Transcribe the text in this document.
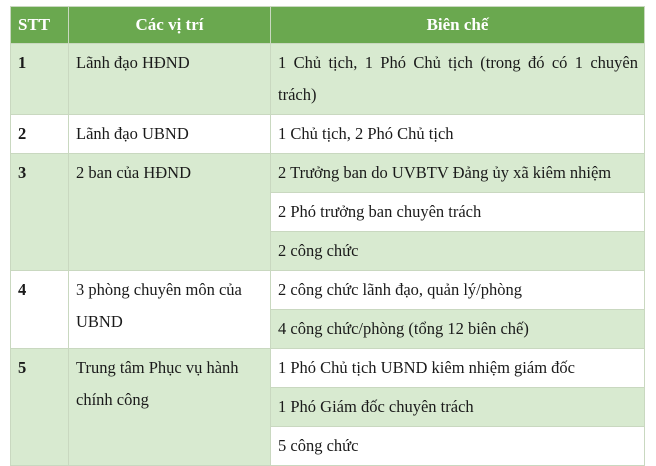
STT	Các vị trí	Biên chế
1	Lãnh đạo HĐND	1 Chủ tịch, 1 Phó Chủ tịch (trong đó có 1 chuyên trách)
2	Lãnh đạo UBND	1 Chủ tịch, 2 Phó Chủ tịch
3	2 ban của HĐND	2 Trưởng ban do UVBTV Đảng ủy xã kiêm nhiệm
		2 Phó trưởng ban chuyên trách
		2 công chức
4	3 phòng chuyên môn của UBND	2 công chức lãnh đạo, quản lý/phòng
		4 công chức/phòng (tổng 12 biên chế)
5	Trung tâm Phục vụ hành chính công	1 Phó Chủ tịch UBND kiêm nhiệm giám đốc
		1 Phó Giám đốc chuyên trách
		5 công chức
